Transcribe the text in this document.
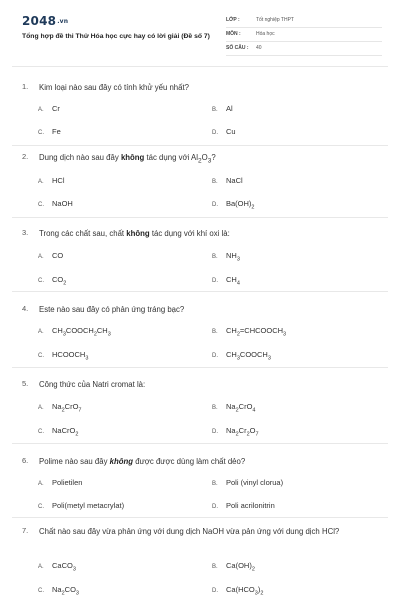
2048.vn
Tổng hợp đề thi Thử Hóa học cực hay có lời giải (Đề số 7)
LỚP :	Tốt nghiệp THPT
MÔN :	Hóa học
SỐ CÂU : 40
1. Kim loại nào sau đây có tính khử yếu nhất?
A. Cr	B. Al
C. Fe	D. Cu
2. Dung dịch nào sau đây không tác dụng với $Al_2O_3$?
A. HCl	B. NaCl
C. NaOH	D. $Ba(OH)_2$
3. Trong các chất sau, chất không tác dụng với khí oxi là:
A. CO	B. $NH_3$
C. $CO_2$	D. $CH_4$
4. Este nào sau đây có phản ứng tráng bạc?
A. $CH_3COOCH_2CH_3$	B. $CH_2=CHCOOCH_3$
C. $HCOOCH_3$	D. $CH_3COOCH_3$
5. Công thức của Natri cromat là:
A. $Na_2CrO_7$	B. $Na_2CrO_4$
C. NaCrO$_2$	D. $Na_2Cr_2O_7$
6. Polime nào sau đây không được được dùng làm chất dẻo?
A. Polietilen	B. Poli (vinyl clorua)
C. Poli(metyl metacrylat)	D. Poli acrilonitrin
7. Chất nào sau đây vừa phản ứng với dung dịch NaOH vừa pản ứng với dung dịch HCl?
A. CaCO$_3$	B. $Ca(OH)_2$
C. $Na_2CO_3$	D. $Ca(HCO_3)_2$
